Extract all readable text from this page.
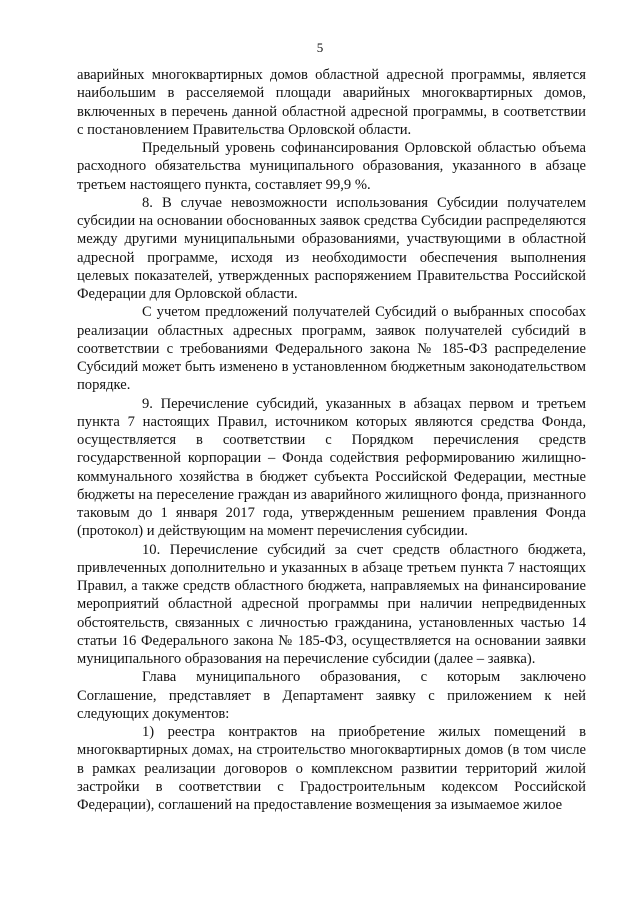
5

аварийных многоквартирных домов областной адресной программы, является наибольшим в расселяемой площади аварийных многоквартирных домов, включенных в перечень данной областной адресной программы, в соответствии с постановлением Правительства Орловской области.

Предельный уровень софинансирования Орловской областью объема расходного обязательства муниципального образования, указанного в абзаце третьем настоящего пункта, составляет 99,9 %.

8. В случае невозможности использования Субсидии получателем субсидии на основании обоснованных заявок средства Субсидии распределяются между другими муниципальными образованиями, участвующими в областной адресной программе, исходя из необходимости обеспечения выполнения целевых показателей, утвержденных распоряжением Правительства Российской Федерации для Орловской области.

С учетом предложений получателей Субсидий о выбранных способах реализации областных адресных программ, заявок получателей субсидий в соответствии с требованиями Федерального закона № 185-ФЗ распределение Субсидий может быть изменено в установленном бюджетным законодательством порядке.

9. Перечисление субсидий, указанных в абзацах первом и третьем пункта 7 настоящих Правил, источником которых являются средства Фонда, осуществляется в соответствии с Порядком перечисления средств государственной корпорации – Фонда содействия реформированию жилищно-коммунального хозяйства в бюджет субъекта Российской Федерации, местные бюджеты на переселение граждан из аварийного жилищного фонда, признанного таковым до 1 января 2017 года, утвержденным решением правления Фонда (протокол) и действующим на момент перечисления субсидии.

10. Перечисление субсидий за счет средств областного бюджета, привлеченных дополнительно и указанных в абзаце третьем пункта 7 настоящих Правил, а также средств областного бюджета, направляемых на финансирование мероприятий областной адресной программы при наличии непредвиденных обстоятельств, связанных с личностью гражданина, установленных частью 14 статьи 16 Федерального закона № 185-ФЗ, осуществляется на основании заявки муниципального образования на перечисление субсидии (далее – заявка).

Глава муниципального образования, с которым заключено Соглашение, представляет в Департамент заявку с приложением к ней следующих документов:

1) реестра контрактов на приобретение жилых помещений в многоквартирных домах, на строительство многоквартирных домов (в том числе в рамках реализации договоров о комплексном развитии территорий жилой застройки в соответствии с Градостроительным кодексом Российской Федерации), соглашений на предоставление возмещения за изымаемое жилое
